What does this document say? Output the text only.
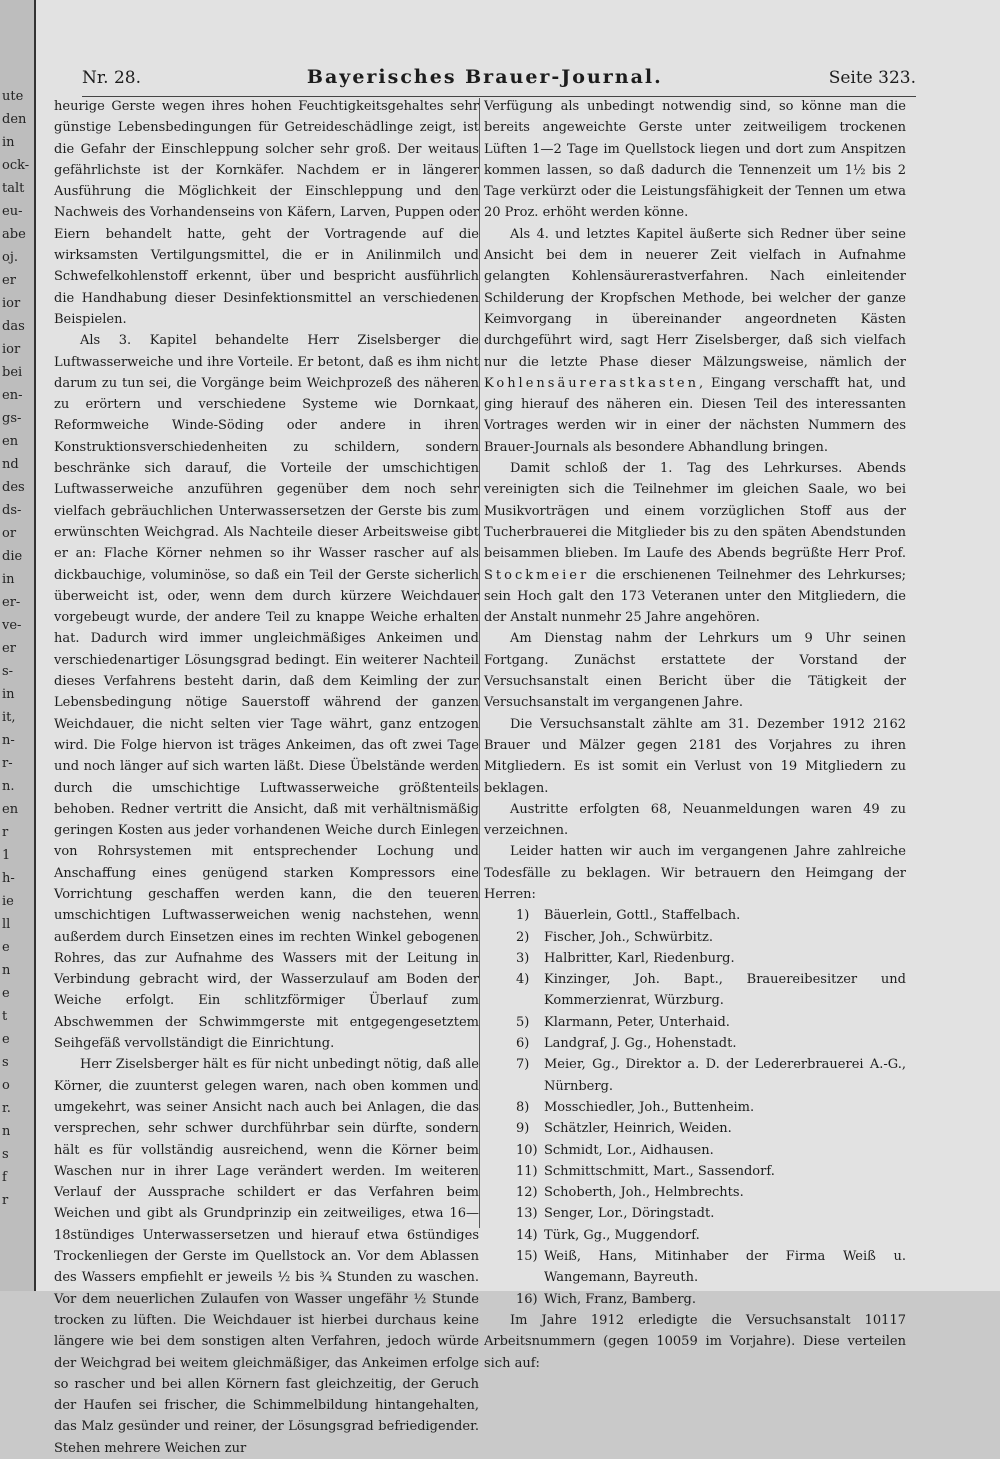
ute
den
in
ock-
talt
eu-
abe
oj.
er
ior
das
ior
bei
en-
gs-
en
nd
des
ds-
or
die
in
er-
ve-
er
s-
in
it,
n-
r-
n.
en
r
1
h-
ie
ll
e
n
e
t
e
s
o
r.
n
s
f
r
Nr. 28.	Bayerisches Brauer-Journal.	Seite 323.

heurige Gerste wegen ihres hohen Feuchtigkeitsgehaltes sehr günstige Lebensbedingungen für Getreideschädlinge zeigt, ist die Gefahr der Einschleppung solcher sehr groß. Der weitaus gefährlichste ist der Kornkäfer. Nachdem er in längerer Ausführung die Möglichkeit der Einschleppung und den Nachweis des Vorhandenseins von Käfern, Larven, Puppen oder Eiern behandelt hatte, geht der Vortragende auf die wirksamsten Vertilgungsmittel, die er in Anilinmilch und Schwefelkohlenstoff erkennt, über und bespricht ausführlich die Handhabung dieser Desinfektionsmittel an verschiedenen Beispielen.

Als 3. Kapitel behandelte Herr Ziselsberger die Luftwasserweiche und ihre Vorteile. Er betont, daß es ihm nicht darum zu tun sei, die Vorgänge beim Weichprozeß des näheren zu erörtern und verschiedene Systeme wie Dornkaat, Reformweiche Winde-Söding oder andere in ihren Konstruktionsverschiedenheiten zu schildern, sondern beschränke sich darauf, die Vorteile der umschichtigen Luftwasserweiche anzuführen gegenüber dem noch sehr vielfach gebräuchlichen Unterwassersetzen der Gerste bis zum erwünschten Weichgrad. Als Nachteile dieser Arbeitsweise gibt er an: Flache Körner nehmen so ihr Wasser rascher auf als dickbauchige, voluminöse, so daß ein Teil der Gerste sicherlich überweicht ist, oder, wenn dem durch kürzere Weichdauer vorgebeugt wurde, der andere Teil zu knappe Weiche erhalten hat. Dadurch wird immer ungleichmäßiges Ankeimen und verschiedenartiger Lösungsgrad bedingt. Ein weiterer Nachteil dieses Verfahrens besteht darin, daß dem Keimling der zur Lebensbedingung nötige Sauerstoff während der ganzen Weichdauer, die nicht selten vier Tage währt, ganz entzogen wird. Die Folge hiervon ist träges Ankeimen, das oft zwei Tage und noch länger auf sich warten läßt. Diese Übelstände werden durch die umschichtige Luftwasserweiche größtenteils behoben. Redner vertritt die Ansicht, daß mit verhältnismäßig geringen Kosten aus jeder vorhandenen Weiche durch Einlegen von Rohrsystemen mit entsprechender Lochung und Anschaffung eines genügend starken Kompressors eine Vorrichtung geschaffen werden kann, die den teueren umschichtigen Luftwasserweichen wenig nachstehen, wenn außerdem durch Einsetzen eines im rechten Winkel gebogenen Rohres, das zur Aufnahme des Wassers mit der Leitung in Verbindung gebracht wird, der Wasserzulauf am Boden der Weiche erfolgt. Ein schlitzförmiger Überlauf zum Abschwemmen der Schwimmgerste mit entgegengesetztem Seihgefäß vervollständigt die Einrichtung.

Herr Ziselsberger hält es für nicht unbedingt nötig, daß alle Körner, die zuunterst gelegen waren, nach oben kommen und umgekehrt, was seiner Ansicht nach auch bei Anlagen, die das versprechen, sehr schwer durchführbar sein dürfte, sondern hält es für vollständig ausreichend, wenn die Körner beim Waschen nur in ihrer Lage verändert werden. Im weiteren Verlauf der Aussprache schildert er das Verfahren beim Weichen und gibt als Grundprinzip ein zeitweiliges, etwa 16—18stündiges Unterwassersetzen und hierauf etwa 6stündiges Trockenliegen der Gerste im Quellstock an. Vor dem Ablassen des Wassers empfiehlt er jeweils ½ bis ¾ Stunden zu waschen. Vor dem neuerlichen Zulaufen von Wasser ungefähr ½ Stunde trocken zu lüften. Die Weichdauer ist hierbei durchaus keine längere wie bei dem sonstigen alten Verfahren, jedoch würde der Weichgrad bei weitem gleichmäßiger, das Ankeimen erfolge so rascher und bei allen Körnern fast gleichzeitig, der Geruch der Haufen sei frischer, die Schimmelbildung hintangehalten, das Malz gesünder und reiner, der Lösungsgrad befriedigender. Stehen mehrere Weichen zur

Verfügung als unbedingt notwendig sind, so könne man die bereits angeweichte Gerste unter zeitweiligem trockenen Lüften 1—2 Tage im Quellstock liegen und dort zum Anspitzen kommen lassen, so daß dadurch die Tennenzeit um 1½ bis 2 Tage verkürzt oder die Leistungsfähigkeit der Tennen um etwa 20 Proz. erhöht werden könne.

Als 4. und letztes Kapitel äußerte sich Redner über seine Ansicht bei dem in neuerer Zeit vielfach in Aufnahme gelangten Kohlensäurerastverfahren. Nach einleitender Schilderung der Kropfschen Methode, bei welcher der ganze Keimvorgang in übereinander angeordneten Kästen durchgeführt wird, sagt Herr Ziselsberger, daß sich vielfach nur die letzte Phase dieser Mälzungsweise, nämlich der Kohlensäurerastkasten, Eingang verschafft hat, und ging hierauf des näheren ein. Diesen Teil des interessanten Vortrages werden wir in einer der nächsten Nummern des Brauer-Journals als besondere Abhandlung bringen.

Damit schloß der 1. Tag des Lehrkurses. Abends vereinigten sich die Teilnehmer im gleichen Saale, wo bei Musikvorträgen und einem vorzüglichen Stoff aus der Tucherbrauerei die Mitglieder bis zu den späten Abendstunden beisammen blieben. Im Laufe des Abends begrüßte Herr Prof. Stockmeier die erschienenen Teilnehmer des Lehrkurses; sein Hoch galt den 173 Veteranen unter den Mitgliedern, die der Anstalt nunmehr 25 Jahre angehören.

Am Dienstag nahm der Lehrkurs um 9 Uhr seinen Fortgang. Zunächst erstattete der Vorstand der Versuchsanstalt einen Bericht über die Tätigkeit der Versuchsanstalt im vergangenen Jahre.

Die Versuchsanstalt zählte am 31. Dezember 1912 2162 Brauer und Mälzer gegen 2181 des Vorjahres zu ihren Mitgliedern. Es ist somit ein Verlust von 19 Mitgliedern zu beklagen.

Austritte erfolgten 68, Neuanmeldungen waren 49 zu verzeichnen.

Leider hatten wir auch im vergangenen Jahre zahlreiche Todesfälle zu beklagen. Wir betrauern den Heimgang der Herren:

1) Bäuerlein, Gottl., Staffelbach.
2) Fischer, Joh., Schwürbitz.
3) Halbritter, Karl, Riedenburg.
4) Kinzinger, Joh. Bapt., Brauereibesitzer und Kommerzienrat, Würzburg.
5) Klarmann, Peter, Unterhaid.
6) Landgraf, J. Gg., Hohenstadt.
7) Meier, Gg., Direktor a. D. der Ledererbrauerei A.-G., Nürnberg.
8) Mosschiedler, Joh., Buttenheim.
9) Schätzler, Heinrich, Weiden.
10) Schmidt, Lor., Aidhausen.
11) Schmittschmitt, Mart., Sassendorf.
12) Schoberth, Joh., Helmbrechts.
13) Senger, Lor., Döringstadt.
14) Türk, Gg., Muggendorf.
15) Weiß, Hans, Mitinhaber der Firma Weiß u. Wangemann, Bayreuth.
16) Wich, Franz, Bamberg.

Im Jahre 1912 erledigte die Versuchsanstalt 10117 Arbeitsnummern (gegen 10059 im Vorjahre). Diese verteilen sich auf:
